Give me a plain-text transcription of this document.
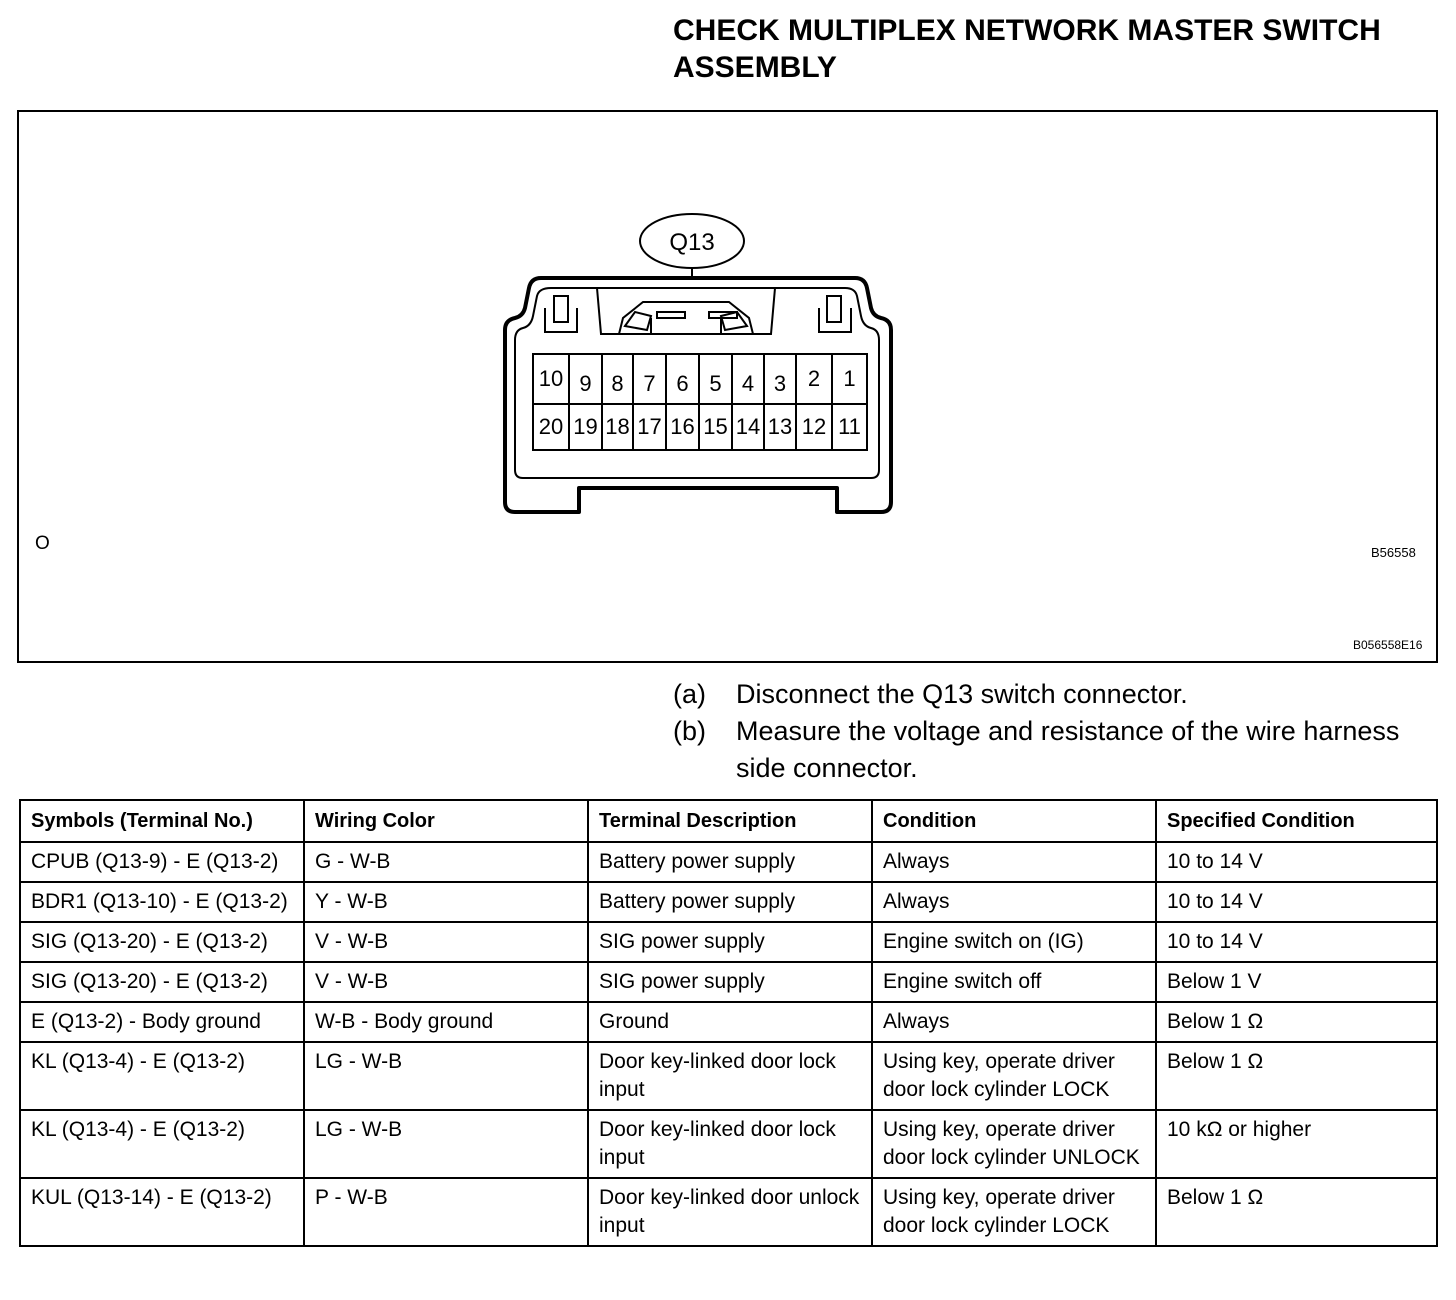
CHECK MULTIPLEX NETWORK MASTER SWITCH ASSEMBLY
Q13
10 9 8 7 6 5 4 3 2 1
20 19 18 17 16 15 14 13 12 11
O	B56558
B056558E16
(a)	Disconnect the Q13 switch connector.
(b)	Measure the voltage and resistance of the wire harness side connector.
Symbols (Terminal No.)	Wiring Color	Terminal Description	Condition	Specified Condition
CPUB (Q13-9) - E (Q13-2)	G - W-B	Battery power supply	Always	10 to 14 V
BDR1 (Q13-10) - E (Q13-2)	Y - W-B	Battery power supply	Always	10 to 14 V
SIG (Q13-20) - E (Q13-2)	V - W-B	SIG power supply	Engine switch on (IG)	10 to 14 V
SIG (Q13-20) - E (Q13-2)	V - W-B	SIG power supply	Engine switch off	Below 1 V
E (Q13-2) - Body ground	W-B - Body ground	Ground	Always	Below 1 Ω
KL (Q13-4) - E (Q13-2)	LG - W-B	Door key-linked door lock input	Using key, operate driver door lock cylinder LOCK	Below 1 Ω
KL (Q13-4) - E (Q13-2)	LG - W-B	Door key-linked door lock input	Using key, operate driver door lock cylinder UNLOCK	10 kΩ or higher
KUL (Q13-14) - E (Q13-2)	P - W-B	Door key-linked door unlock input	Using key, operate driver door lock cylinder LOCK	Below 1 Ω
